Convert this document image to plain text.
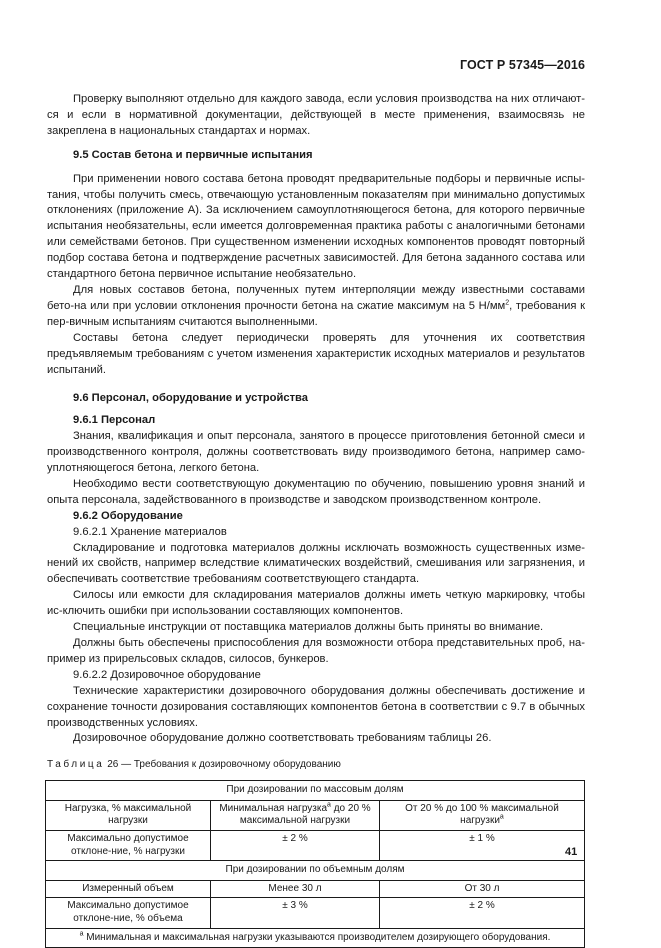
ГОСТ Р 57345—2016

Проверку выполняют отдельно для каждого завода, если условия производства на них отличают-ся и если в нормативной документации, действующей в месте применения, взаимосвязь не закреплена в национальных стандартах и нормах.

9.5 Состав бетона и первичные испытания

При применении нового состава бетона проводят предварительные подборы и первичные испы-тания, чтобы получить смесь, отвечающую установленным показателям при минимально допустимых отклонениях (приложение А). За исключением самоуплотняющегося бетона, для которого первичные испытания необязательны, если имеется долговременная практика работы с аналогичными бетонами или семействами бетонов. При существенном изменении исходных компонентов проводят повторный подбор состава бетона и подтверждение расчетных зависимостей. Для бетона заданного состава или стандартного бетона первичное испытание необязательно.

Для новых составов бетона, полученных путем интерполяции между известными составами бето-на или при условии отклонения прочности бетона на сжатие максимум на 5 $Н/мм^2$, требования к пер-вичным испытаниям считаются выполненными.

Составы бетона следует периодически проверять для уточнения их соответствия предъявляемым требованиям с учетом изменения характеристик исходных материалов и результатов испытаний.

9.6 Персонал, оборудование и устройства

9.6.1 Персонал

Знания, квалификация и опыт персонала, занятого в процессе приготовления бетонной смеси и производственного контроля, должны соответствовать виду производимого бетона, например само-уплотняющегося бетона, легкого бетона.

Необходимо вести соответствующую документацию по обучению, повышению уровня знаний и опыта персонала, задействованного в производстве и заводском производственном контроле.

9.6.2 Оборудование

9.6.2.1 Хранение материалов

Складирование и подготовка материалов должны исключать возможность существенных изме-нений их свойств, например вследствие климатических воздействий, смешивания или загрязнения, и обеспечивать соответствие требованиям соответствующего стандарта.

Силосы или емкости для складирования материалов должны иметь четкую маркировку, чтобы ис-ключить ошибки при использовании составляющих компонентов.

Специальные инструкции от поставщика материалов должны быть приняты во внимание.

Должны быть обеспечены приспособления для возможности отбора представительных проб, на-пример из прирельсовых складов, силосов, бункеров.

9.6.2.2 Дозировочное оборудование

Технические характеристики дозировочного оборудования должны обеспечивать достижение и сохранение точности дозирования составляющих компонентов бетона в соответствии с 9.7 в обычных производственных условиях.

Дозировочное оборудование должно соответствовать требованиям таблицы 26.

Таблица 26 — Требования к дозировочному оборудованию
При дозировании по массовым долям		
Нагрузка, % максимальной нагрузки	Минимальная нагрузка$^а$ до 20 % максимальной нагрузки	От 20 % до 100 % максимальной нагрузки$^а$
Максимально допустимое отклоне-ние, % нагрузки	± 2 %	± 1 %
При дозировании по объемным долям		
Измеренный объем	Менее 30 л	От 30 л
Максимально допустимое отклоне-ние, % объема	± 3 %	± 2 %
$^а$ Минимальная и максимальная нагрузки указываются производителем дозирующего оборудования.		
41
